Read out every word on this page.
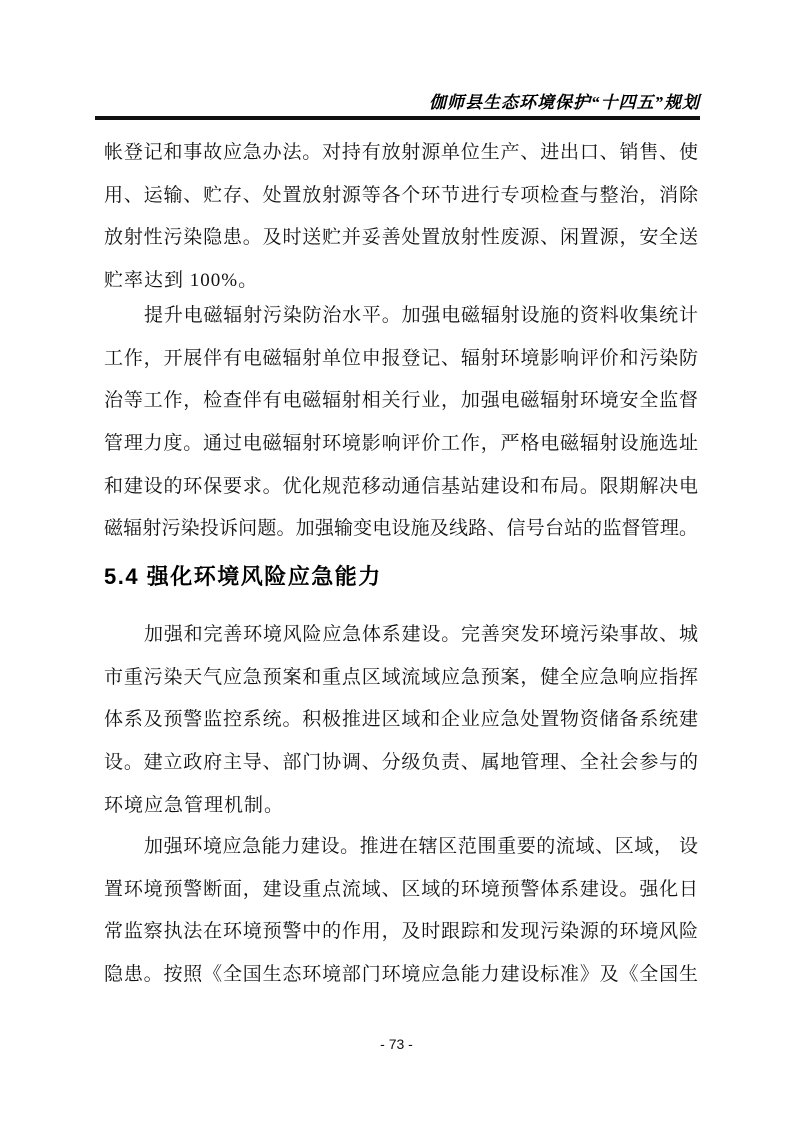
伽师县生态环境保护“十四五”规划
帐登记和事故应急办法。对持有放射源单位生产、进出口、销售、使
用、运输、贮存、处置放射源等各个环节进行专项检查与整治，消除
放射性污染隐患。及时送贮并妥善处置放射性废源、闲置源，安全送
贮率达到 100%。
提升电磁辐射污染防治水平。加强电磁辐射设施的资料收集统计
工作，开展伴有电磁辐射单位申报登记、辐射环境影响评价和污染防
治等工作，检查伴有电磁辐射相关行业，加强电磁辐射环境安全监督
管理力度。通过电磁辐射环境影响评价工作，严格电磁辐射设施选址
和建设的环保要求。优化规范移动通信基站建设和布局。限期解决电
磁辐射污染投诉问题。加强输变电设施及线路、信号台站的监督管理。
5.4 强化环境风险应急能力
加强和完善环境风险应急体系建设。完善突发环境污染事故、城
市重污染天气应急预案和重点区域流域应急预案，健全应急响应指挥
体系及预警监控系统。积极推进区域和企业应急处置物资储备系统建
设。建立政府主导、部门协调、分级负责、属地管理、全社会参与的
环境应急管理机制。
加强环境应急能力建设。推进在辖区范围重要的流域、区域， 设
置环境预警断面，建设重点流域、区域的环境预警体系建设。强化日
常监察执法在环境预警中的作用，及时跟踪和发现污染源的环境风险
隐患。按照《全国生态环境部门环境应急能力建设标准》及《全国生
- 73 -
